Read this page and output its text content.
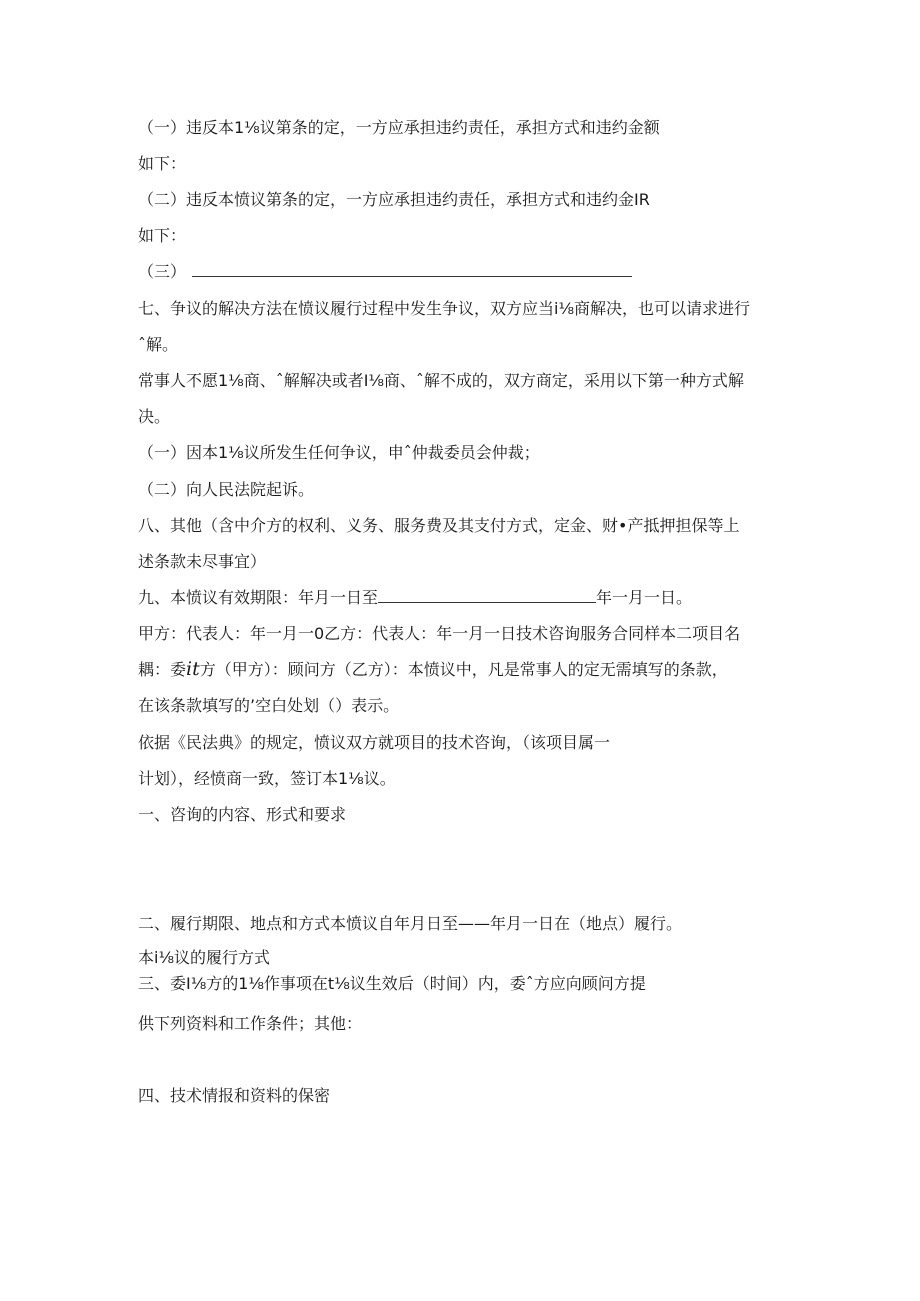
（一）违反本1⅛议第条的定，一方应承担违约责任，承担方式和违约金额
如下：
（二）违反本愤议第条的定，一方应承担违约责任，承担方式和违约金IR
如下：
（三）
七、争议的解决方法在愤议履行过程中发生争议，双方应当i⅛商解决，也可以请求进行
ˆ解。
常事人不愿1⅛商、ˆ解解决或者I⅛商、ˆ解不成的，双方商定，采用以下第一种方式解
决。
（一）因本1⅛议所发生任何争议，申ˆ仲裁委员会仲裁；
（二）向人民法院起诉。
八、其他（含中介方的权利、义务、服务费及其支付方式，定金、财•产抵押担保等上
述条款未尽事宜）
九、本愤议有效期限：年月一日至	年一月一日。
甲方：代表人：年一月一0乙方：代表人：年一月一日技术咨询服务合同样本二项目名
耦：委it方（甲方）：顾问方（乙方）：本愤议中，凡是常事人的定无需填写的条款，
在该条款填写的’空白处划（）表示。
依据《民法典》的规定，愤议双方就项目的技术咨询，（该项目属一
计划），经愤商一致，签订本1⅛议。
一、咨询的内容、形式和要求
二、履行期限、地点和方式本愤议自年月日至——年月一日在（地点）履行。
本i⅛议的履行方式
三、委I⅛方的1⅛作事项在t⅛议生效后（时间）内，委ˆ方应向顾问方提
供下列资料和工作条件；其他：
四、技术情报和资料的保密
